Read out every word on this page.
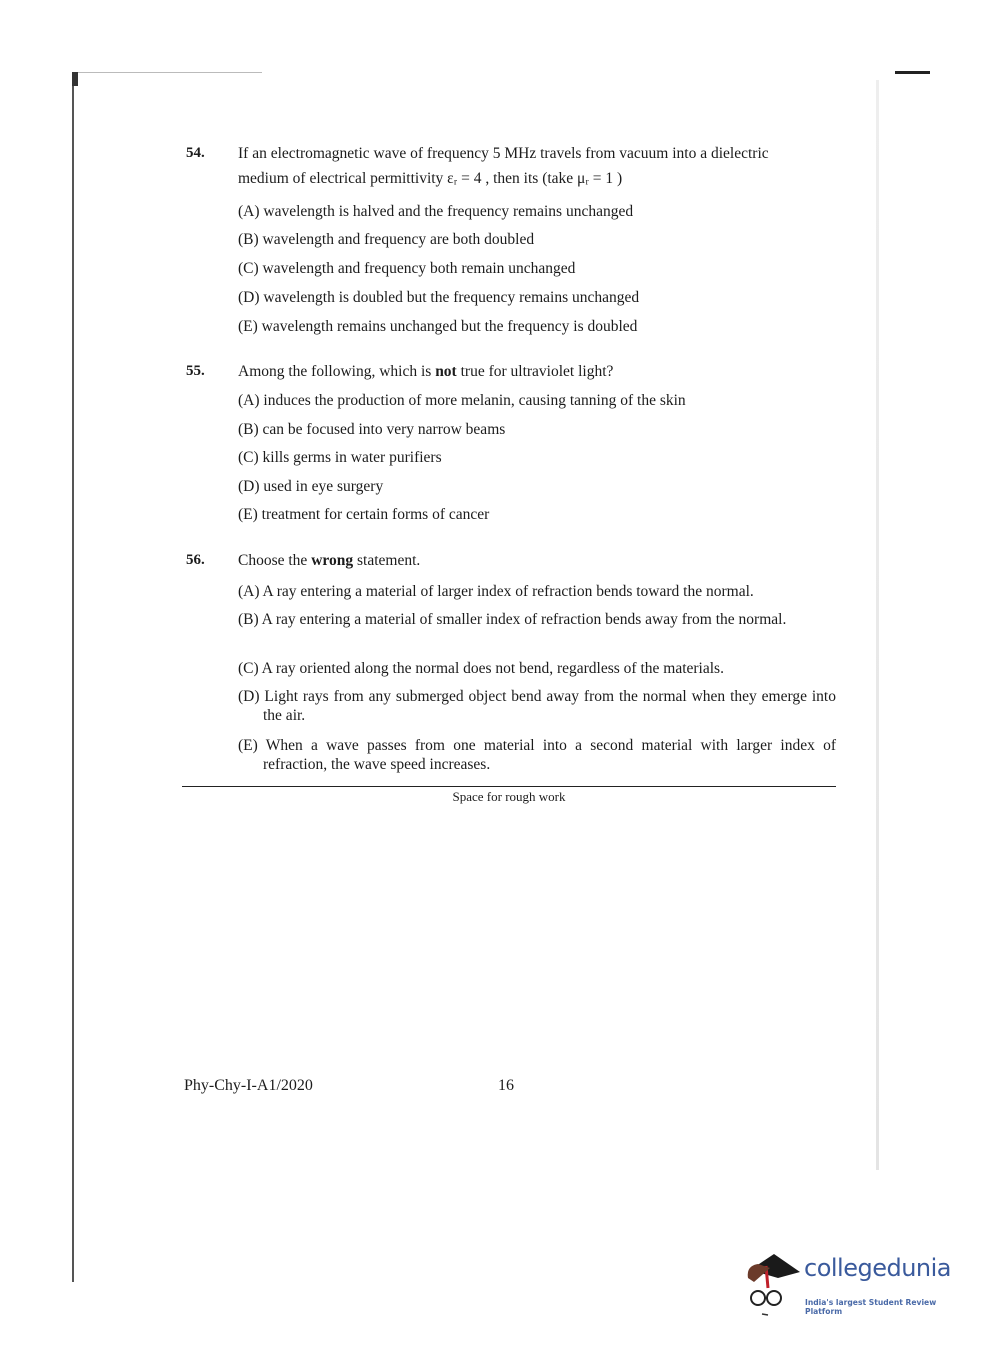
54. If an electromagnetic wave of frequency 5 MHz travels from vacuum into a dielectric
medium of electrical permittivity εᵣ = 4 , then its (take μᵣ = 1 )
(A) wavelength is halved and the frequency remains unchanged
(B) wavelength and frequency are both doubled
(C) wavelength and frequency both remain unchanged
(D) wavelength is doubled but the frequency remains unchanged
(E) wavelength remains unchanged but the frequency is doubled
55. Among the following, which is not true for ultraviolet light?
(A) induces the production of more melanin, causing tanning of the skin
(B) can be focused into very narrow beams
(C) kills germs in water purifiers
(D) used in eye surgery
(E) treatment for certain forms of cancer
56. Choose the wrong statement.
(A) A ray entering a material of larger index of refraction bends toward the normal.
(B) A ray entering a material of smaller index of refraction bends away from the normal.
(C) A ray oriented along the normal does not bend, regardless of the materials.
(D) Light rays from any submerged object bend away from the normal when they emerge into the air.
(E) When a wave passes from one material into a second material with larger index of refraction, the wave speed increases.
Space for rough work
Phy-Chy-I-A1/2020	16
collegedunia
India's largest Student Review Platform
